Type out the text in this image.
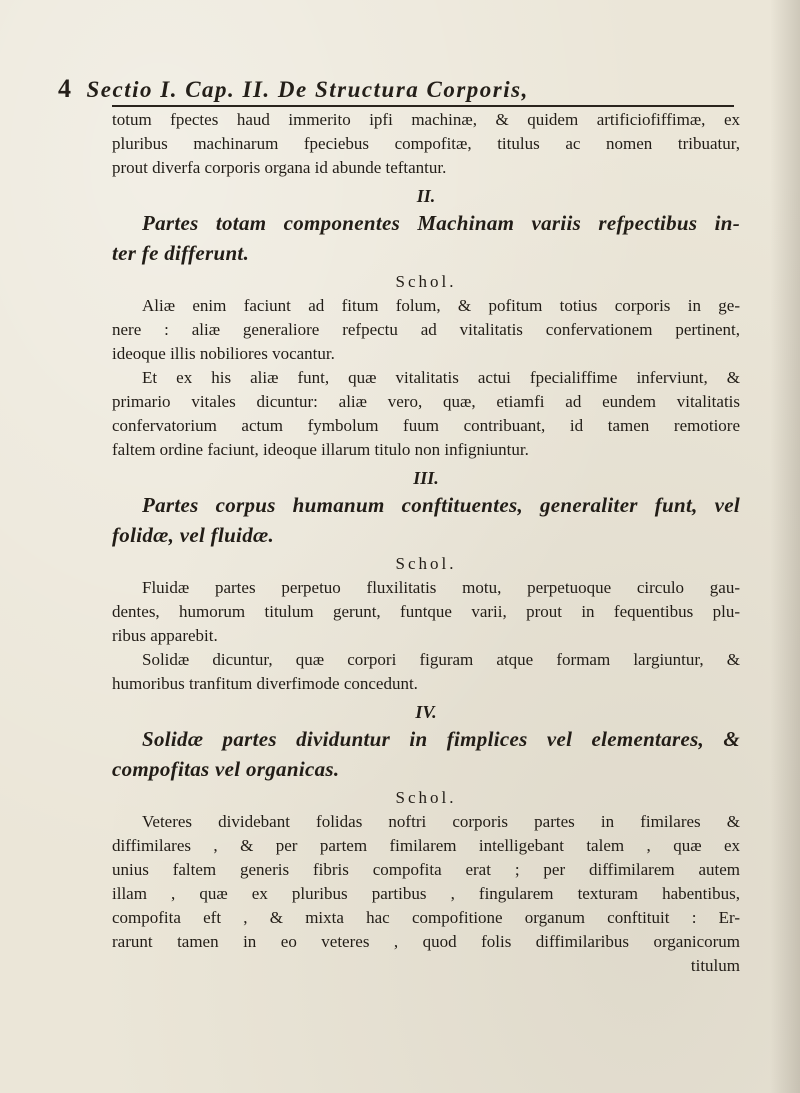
4 Sectio I. Cap. II. De Structura Corporis,
totum fpectes haud immerito ipfi machinæ, & quidem artificiofiffimæ, ex
pluribus machinarum fpeciebus compofitæ, titulus ac nomen tribuatur,
prout diverfa corporis organa id abunde teftantur.
II.
Partes totam componentes Machinam variis refpectibus in-
ter fe differunt.
Schol.
Aliæ enim faciunt ad fitum folum, & pofitum totius corporis in ge-
nere : aliæ generaliore refpectu ad vitalitatis confervationem pertinent,
ideoque illis nobiliores vocantur.
Et ex his aliæ funt, quæ vitalitatis actui fpecialiffime inferviunt, &
primario vitales dicuntur: aliæ vero, quæ, etiamfi ad eundem vitalitatis
confervatorium actum fymbolum fuum contribuant, id tamen remotiore
faltem ordine faciunt, ideoque illarum titulo non infigniuntur.
III.
Partes corpus humanum conftituentes, generaliter funt, vel
folidæ, vel fluidæ.
Schol.
Fluidæ partes perpetuo fluxilitatis motu, perpetuoque circulo gau-
dentes, humorum titulum gerunt, funtque varii, prout in fequentibus plu-
ribus apparebit.
Solidæ dicuntur, quæ corpori figuram atque formam largiuntur, &
humoribus tranfitum diverfimode concedunt.
IV.
Solidæ partes dividuntur in fimplices vel elementares, &
compofitas vel organicas.
Schol.
Veteres dividebant folidas noftri corporis partes in fimilares &
diffimilares , & per partem fimilarem intelligebant talem , quæ ex
unius faltem generis fibris compofita erat ; per diffimilarem autem
illam , quæ ex pluribus partibus , fingularem texturam habentibus,
compofita eft , & mixta hac compofitione organum conftituit : Er-
rarunt tamen in eo veteres , quod folis diffimilaribus organicorum
titulum
